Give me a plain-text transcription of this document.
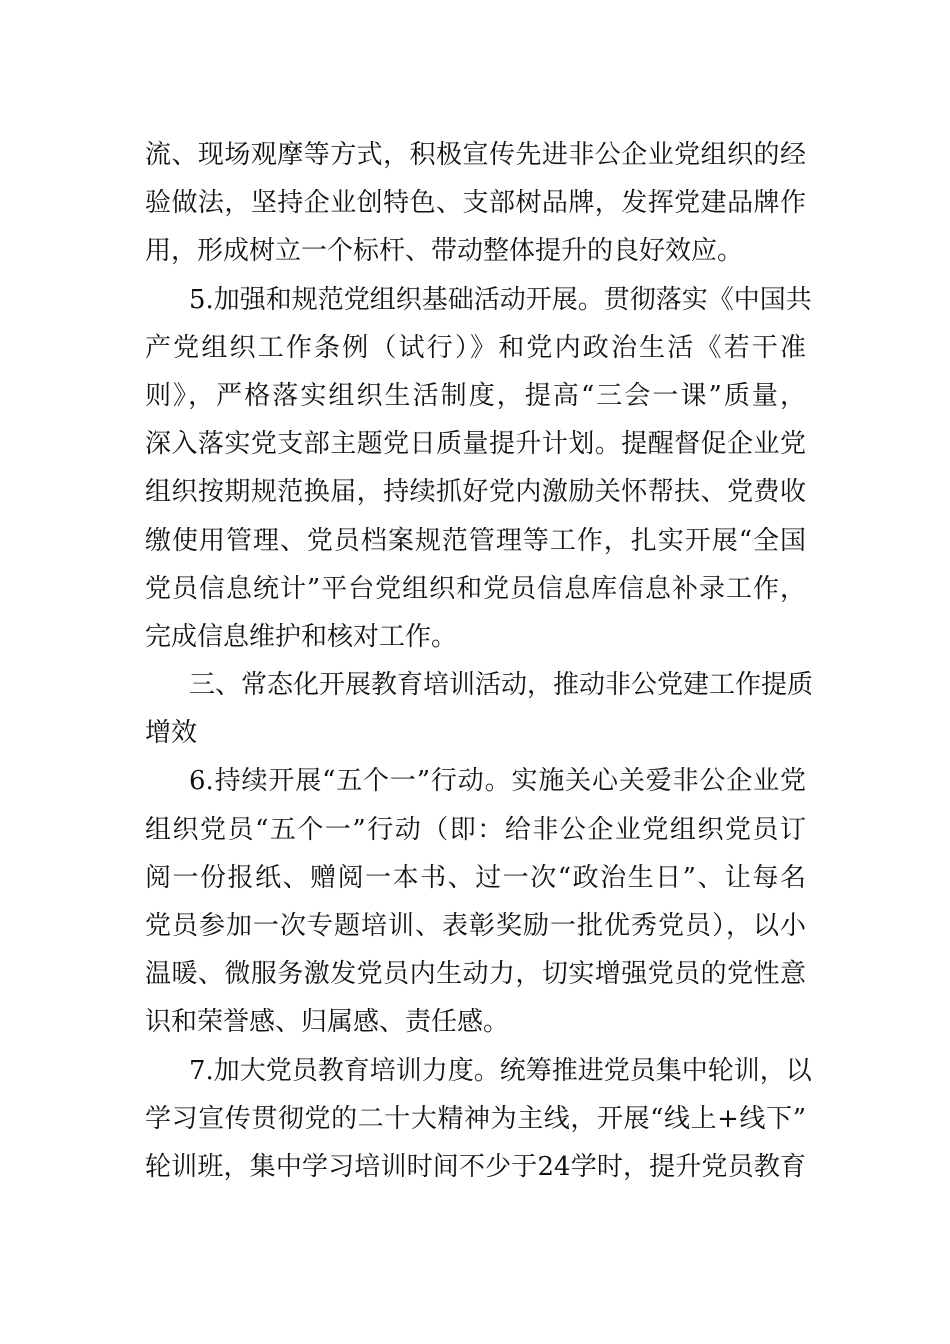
流、现场观摩等方式，积极宣传先进非公企业党组织的经
验做法，坚持企业创特色、支部树品牌，发挥党建品牌作
用，形成树立一个标杆、带动整体提升的良好效应。
5.加强和规范党组织基础活动开展。贯彻落实《中国共
产党组织工作条例（试行）》和党内政治生活《若干准
则》，严格落实组织生活制度，提高“三会一课”质量，
深入落实党支部主题党日质量提升计划。提醒督促企业党
组织按期规范换届，持续抓好党内激励关怀帮扶、党费收
缴使用管理、党员档案规范管理等工作，扎实开展“全国
党员信息统计”平台党组织和党员信息库信息补录工作，
完成信息维护和核对工作。
三、常态化开展教育培训活动，推动非公党建工作提质
增效
6.持续开展“五个一”行动。实施关心关爱非公企业党
组织党员“五个一”行动（即：给非公企业党组织党员订
阅一份报纸、赠阅一本书、过一次“政治生日”、让每名
党员参加一次专题培训、表彰奖励一批优秀党员），以小
温暖、微服务激发党员内生动力，切实增强党员的党性意
识和荣誉感、归属感、责任感。
7.加大党员教育培训力度。统筹推进党员集中轮训，以
学习宣传贯彻党的二十大精神为主线，开展“线上+线下”
轮训班，集中学习培训时间不少于24学时，提升党员教育
